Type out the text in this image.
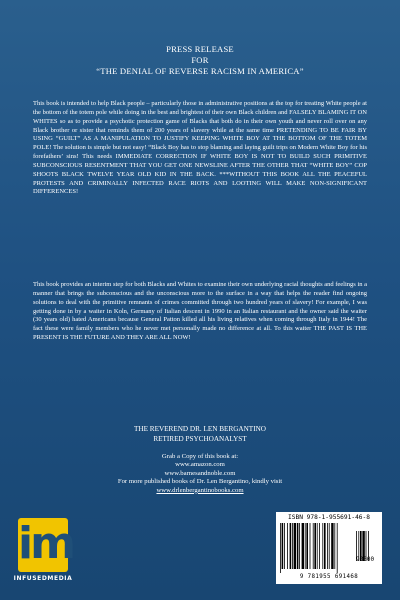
PRESS RELEASE
FOR
“THE DENIAL OF REVERSE RACISM IN AMERICA”
This book is intended to help Black people – particularly those in administrative positions at the top for treating White people at the bottom of the totem pole while doing in the best and brightest of their own Black children and FALSELY BLAMING IT ON WHITES so as to provide a psychotic protection game of Blacks that both do in their own youth and never roll over on any Black brother or sister that reminds them of 200 years of slavery while at the same time PRETENDING TO BE FAIR BY USING “GUILT” AS A MANIPULATION TO JUSTIFY KEEPING WHITE BOY AT THE BOTTOM OF THE TOTEM POLE! The solution is simple but not easy! “Black Boy has to stop blaming and laying guilt trips on Modern White Boy for his forefathers’ sins! This needs IMMEDIATE CORRECTION IF WHITE BOY IS NOT TO BUILD SUCH PRIMITIVE SUBCONSCIOUS RESENTMENT THAT YOU GET ONE NEWSLINE AFTER THE OTHER THAT “WHITE BOY” COP SHOOTS BLACK TWELVE YEAR OLD KID IN THE BACK. ***WITHOUT THIS BOOK ALL THE PEACEFUL PROTESTS AND CRIMINALLY INFECTED RACE RIOTS AND LOOTING WILL MAKE NON-SIGNIFICANT DIFFERENCES!
This book provides an interim step for both Blacks and Whites to examine their own underlying racial thoughts and feelings in a manner that brings the subconscious and the unconscious more to the surface in a way that helps the reader find ongoing solutions to deal with the primitive remnants of crimes committed through two hundred years of slavery! For example, I was getting done in by a waiter in Koln, Germany of Italian descent in 1990 in an Italian restaurant and the owner said the waiter (30 years old) hated Americans because General Patton killed all his living relatives when coming through Italy in 1944! The fact these were family members who he never met personally made no difference at all. To this waiter THE PAST IS THE PRESENT IS THE FUTURE AND THEY ARE ALL NOW!
THE REVEREND DR. LEN BERGANTINO
RETIRED PSYCHOANALYST
Grab a Copy of this book at:
www.amazon.com
www.barnesandnoble.com
For more published books of Dr. Len Bergantino, kindly visit
www.drlenbergantinobooks.com
im
INFUSEDMEDIA
ISBN 978-1-955691-46-8
90000
9 781955 691468
